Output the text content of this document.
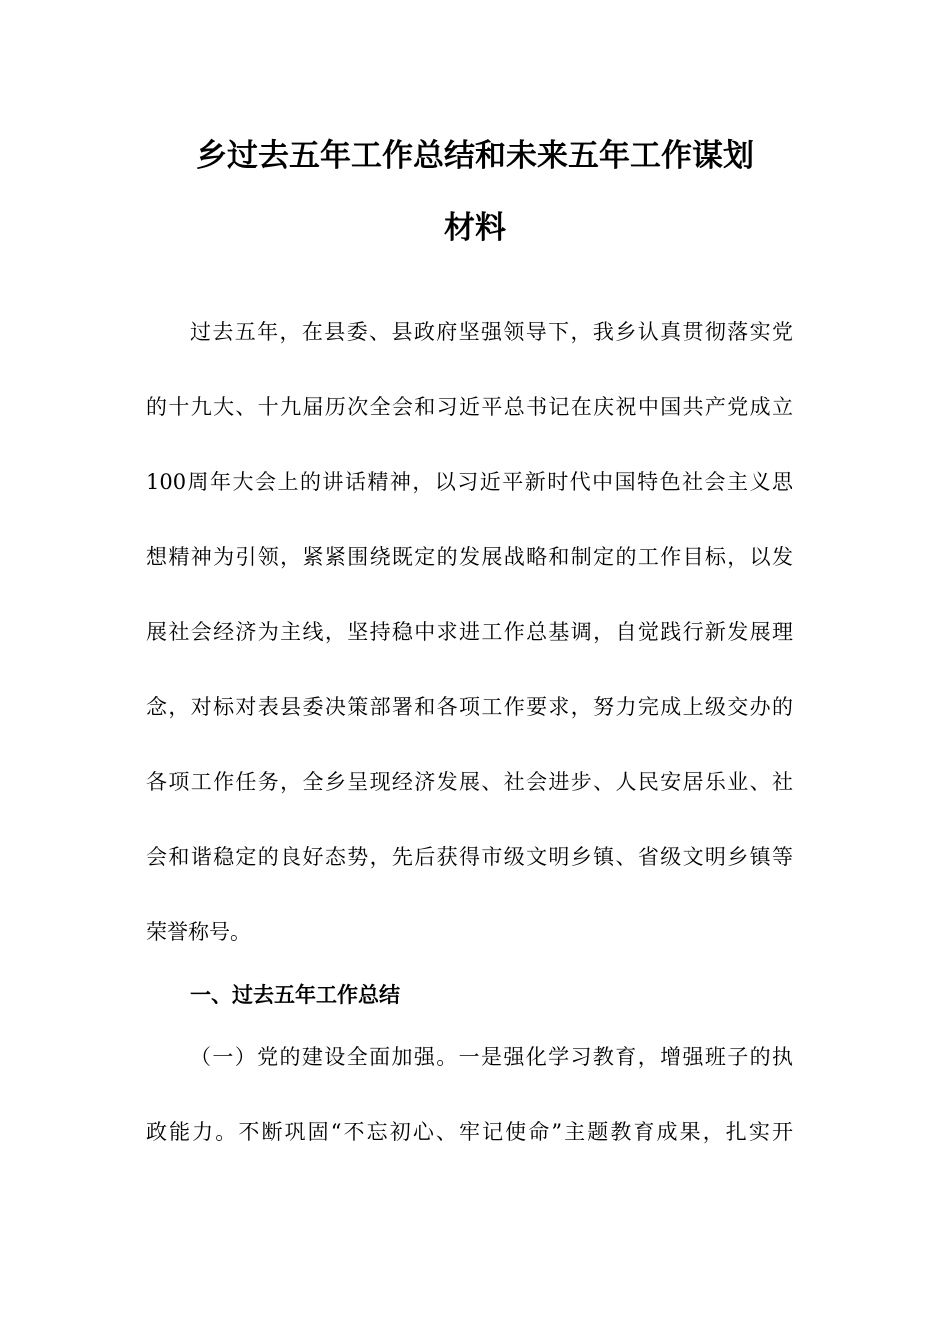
乡过去五年工作总结和未来五年工作谋划
材料
过去五年，在县委、县政府坚强领导下，我乡认真贯彻落实党
的十九大、十九届历次全会和习近平总书记在庆祝中国共产党成立
100周年大会上的讲话精神，以习近平新时代中国特色社会主义思
想精神为引领，紧紧围绕既定的发展战略和制定的工作目标，以发
展社会经济为主线，坚持稳中求进工作总基调，自觉践行新发展理
念，对标对表县委决策部署和各项工作要求，努力完成上级交办的
各项工作任务，全乡呈现经济发展、社会进步、人民安居乐业、社
会和谐稳定的良好态势，先后获得市级文明乡镇、省级文明乡镇等
荣誉称号。
一、过去五年工作总结
（一）党的建设全面加强。一是强化学习教育，增强班子的执
政能力。不断巩固“不忘初心、牢记使命”主题教育成果，扎实开
